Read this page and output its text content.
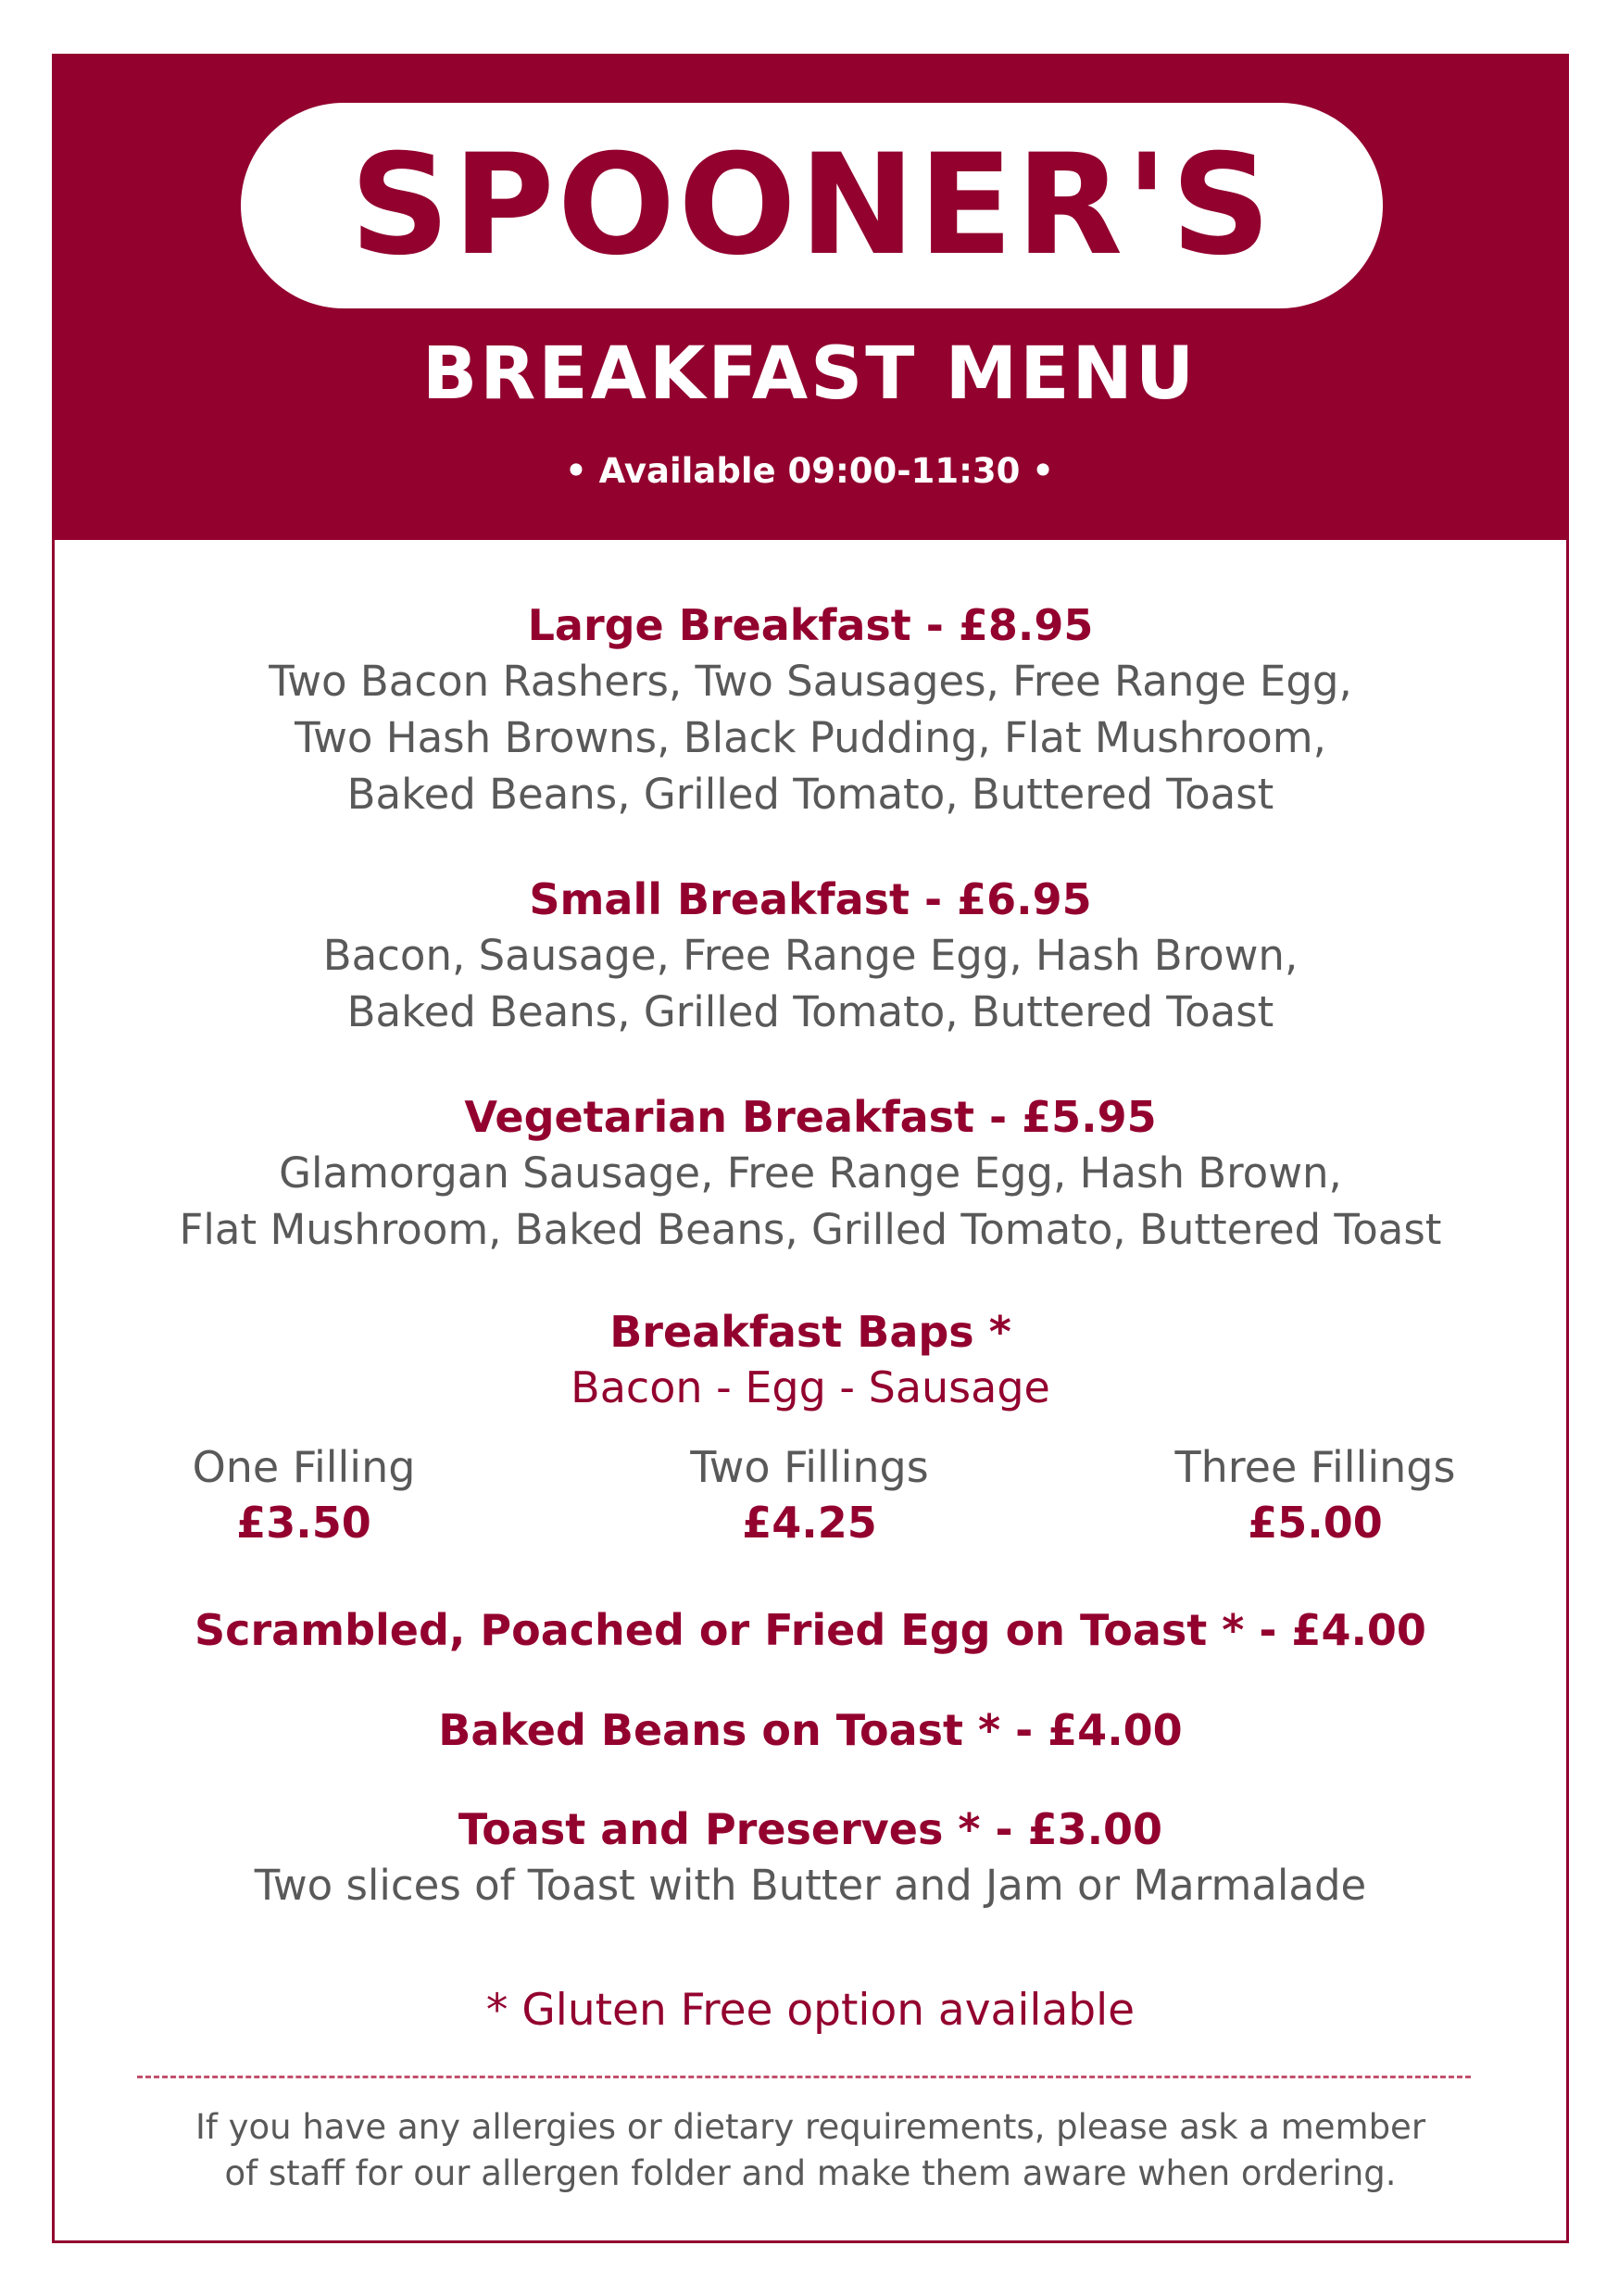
SPOONER'S
BREAKFAST MENU
• Available 09:00-11:30 •
Large Breakfast - £8.95
Two Bacon Rashers, Two Sausages, Free Range Egg,
Two Hash Browns, Black Pudding, Flat Mushroom,
Baked Beans, Grilled Tomato, Buttered Toast
Small Breakfast - £6.95
Bacon, Sausage, Free Range Egg, Hash Brown,
Baked Beans, Grilled Tomato, Buttered Toast
Vegetarian Breakfast - £5.95
Glamorgan Sausage, Free Range Egg, Hash Brown,
Flat Mushroom, Baked Beans, Grilled Tomato, Buttered Toast
Breakfast Baps *
Bacon - Egg - Sausage
One Filling
£3.50
Two Fillings
£4.25
Three Fillings
£5.00
Scrambled, Poached or Fried Egg on Toast * - £4.00
Baked Beans on Toast * - £4.00
Toast and Preserves * - £3.00
Two slices of Toast with Butter and Jam or Marmalade
* Gluten Free option available
If you have any allergies or dietary requirements, please ask a member
of staff for our allergen folder and make them aware when ordering.
